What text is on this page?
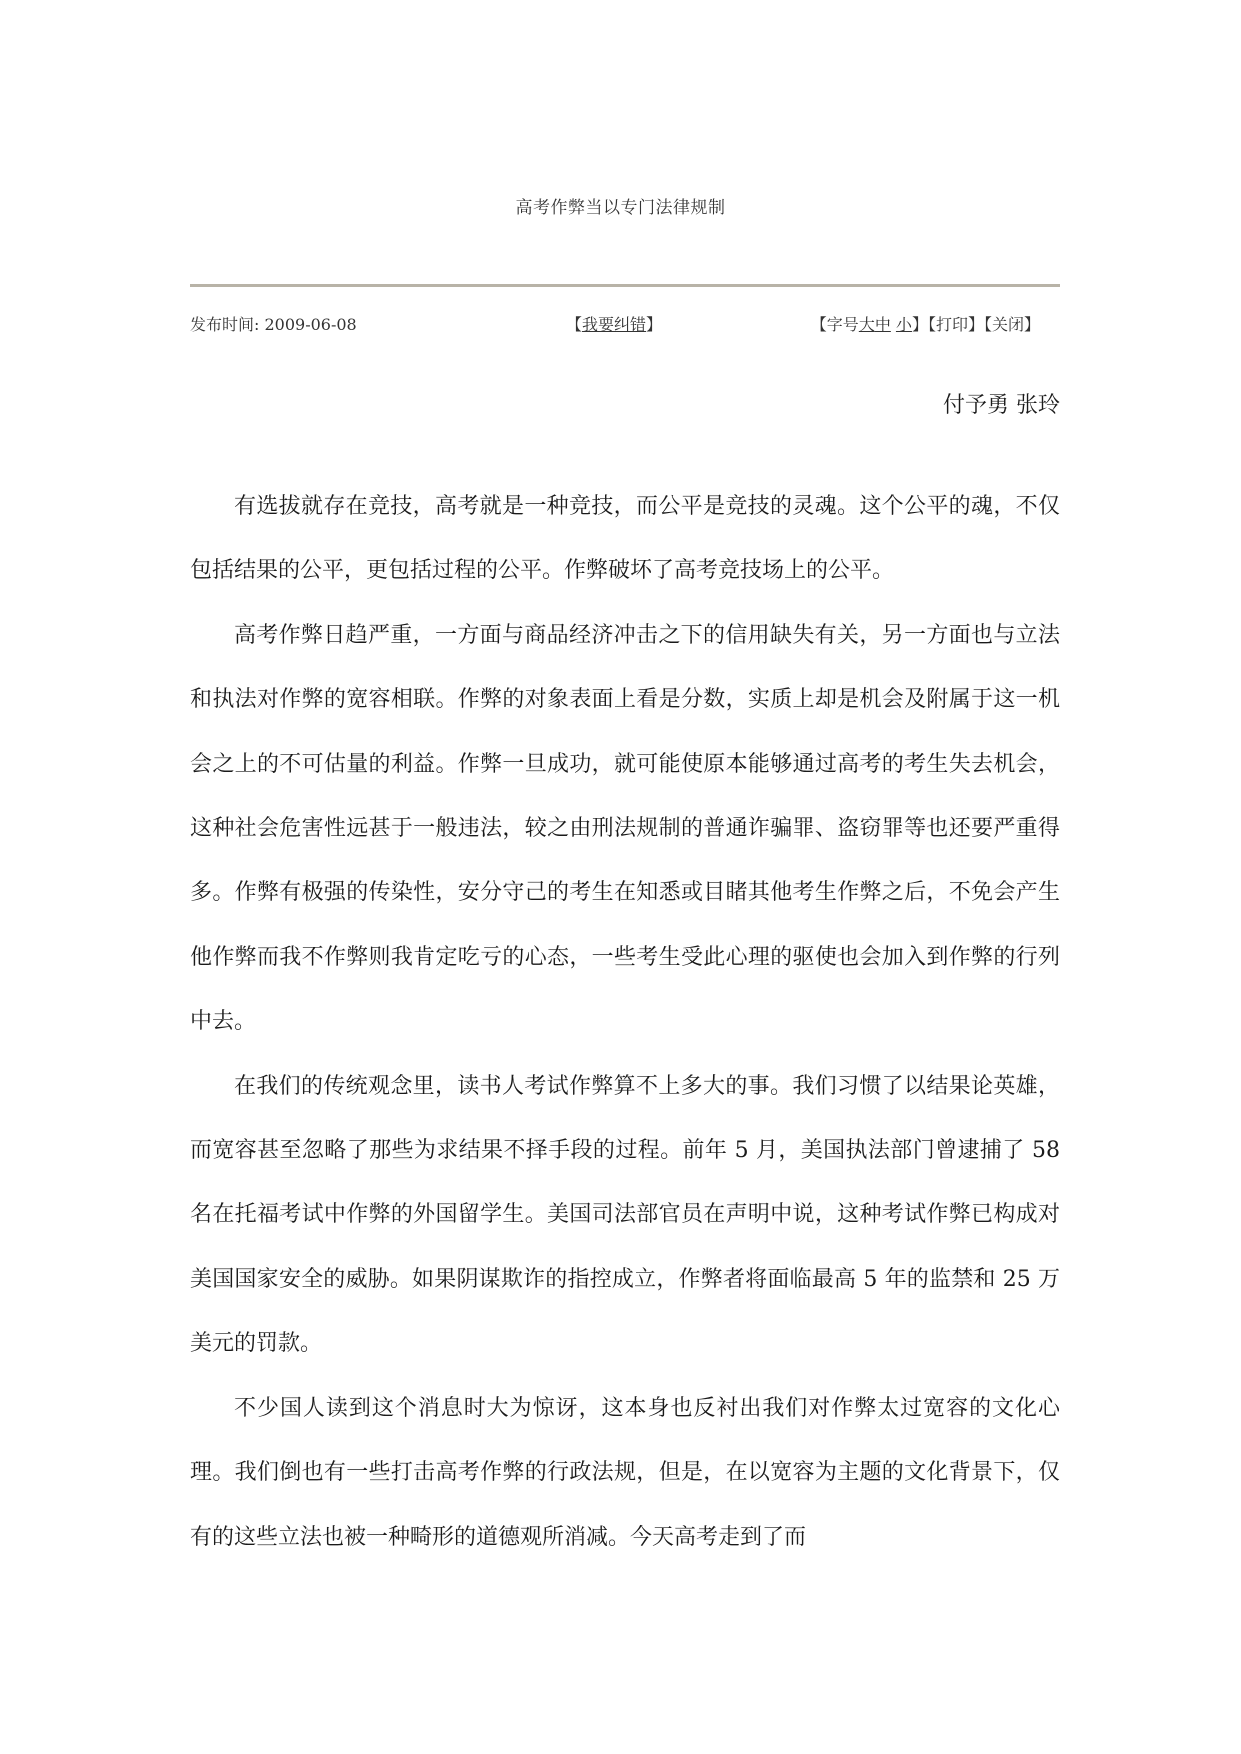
高考作弊当以专门法律规制
发布时间: 2009-06-08	【我要纠错】	【字号大中 小】【打印】【关闭】
付予勇 张玲

有选拔就存在竞技，高考就是一种竞技，而公平是竞技的灵魂。这个公平的魂，不仅包括结果的公平，更包括过程的公平。作弊破坏了高考竞技场上的公平。

高考作弊日趋严重，一方面与商品经济冲击之下的信用缺失有关，另一方面也与立法和执法对作弊的宽容相联。作弊的对象表面上看是分数，实质上却是机会及附属于这一机会之上的不可估量的利益。作弊一旦成功，就可能使原本能够通过高考的考生失去机会，这种社会危害性远甚于一般违法，较之由刑法规制的普通诈骗罪、盗窃罪等也还要严重得多。作弊有极强的传染性，安分守己的考生在知悉或目睹其他考生作弊之后，不免会产生他作弊而我不作弊则我肯定吃亏的心态，一些考生受此心理的驱使也会加入到作弊的行列中去。

在我们的传统观念里，读书人考试作弊算不上多大的事。我们习惯了以结果论英雄，而宽容甚至忽略了那些为求结果不择手段的过程。前年 5 月，美国执法部门曾逮捕了 58 名在托福考试中作弊的外国留学生。美国司法部官员在声明中说，这种考试作弊已构成对美国国家安全的威胁。如果阴谋欺诈的指控成立，作弊者将面临最高 5 年的监禁和 25 万美元的罚款。

不少国人读到这个消息时大为惊讶，这本身也反衬出我们对作弊太过宽容的文化心理。我们倒也有一些打击高考作弊的行政法规，但是，在以宽容为主题的文化背景下，仅有的这些立法也被一种畸形的道德观所消减。今天高考走到了而
